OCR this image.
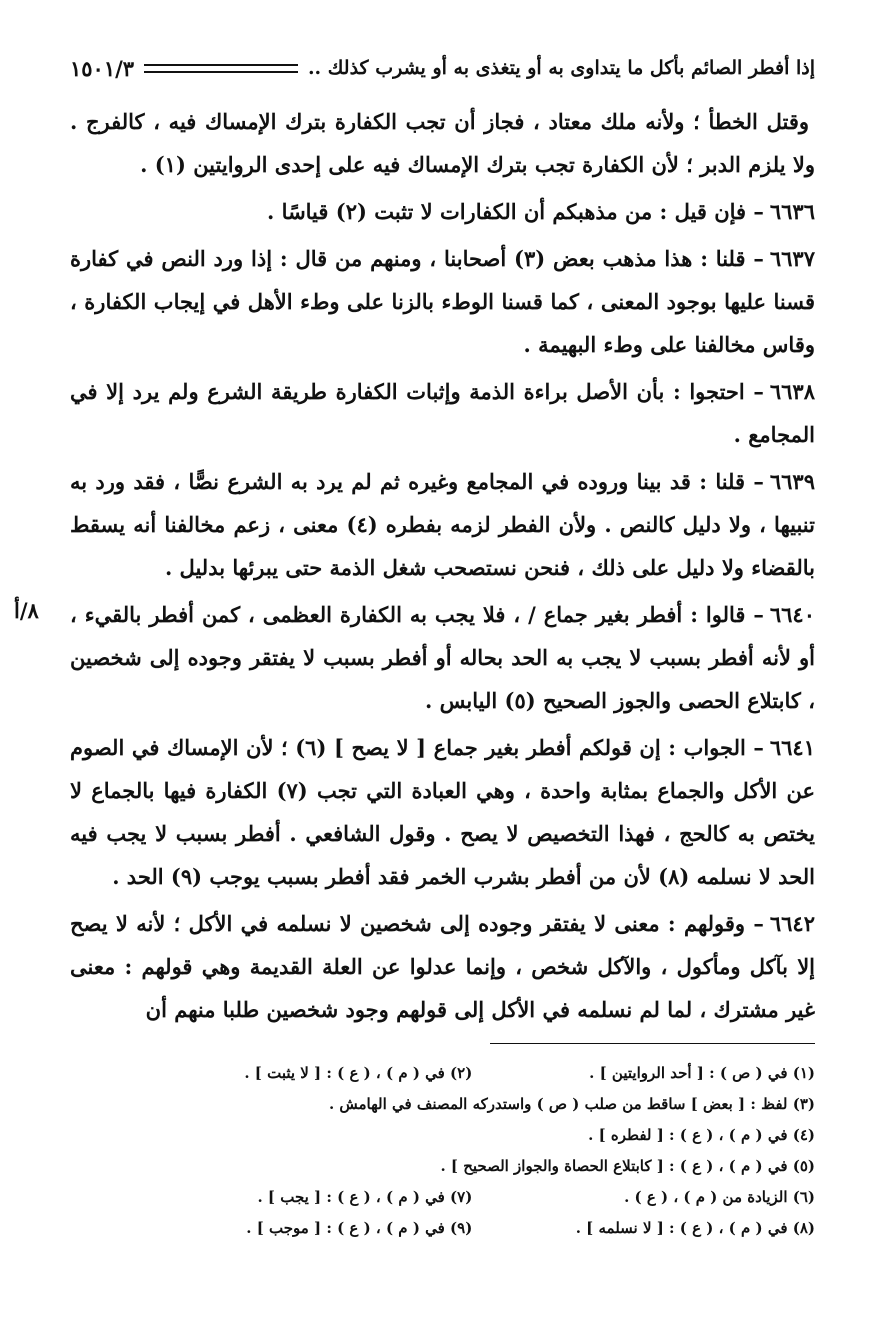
إذا أفطر الصائم بأكل ما يتداوى به أو يتغذى به أو يشرب كذلك ..
١٥٠١/٣
٨/أ

وقتل الخطأ ؛ ولأنه ملك معتاد ، فجاز أن تجب الكفارة بترك الإمساك فيه ، كالفرج . ولا يلزم الدبر ؛ لأن الكفارة تجب بترك الإمساك فيه على إحدى الروايتين (١) .

٦٦٣٦– فإن قيل : من مذهبكم أن الكفارات لا تثبت (٢) قياسًا .

٦٦٣٧– قلنا : هذا مذهب بعض (٣) أصحابنا ، ومنهم من قال : إذا ورد النص في كفارة قسنا عليها بوجود المعنى ، كما قسنا الوطء بالزنا على وطء الأهل في إيجاب الكفارة ، وقاس مخالفنا على وطء البهيمة .

٦٦٣٨– احتجوا : بأن الأصل براءة الذمة وإثبات الكفارة طريقة الشرع ولم يرد إلا في المجامع .

٦٦٣٩– قلنا : قد بينا وروده في المجامع وغيره ثم لم يرد به الشرع نصًّا ، فقد ورد به تنبيها ، ولا دليل كالنص . ولأن الفطر لزمه بفطره (٤) معنى ، زعم مخالفنا أنه يسقط بالقضاء ولا دليل على ذلك ، فنحن نستصحب شغل الذمة حتى يبرئها بدليل .

٦٦٤٠– قالوا : أفطر بغير جماع / ، فلا يجب به الكفارة العظمى ، كمن أفطر بالقيء ، أو لأنه أفطر بسبب لا يجب به الحد بحاله أو أفطر بسبب لا يفتقر وجوده إلى شخصين ، كابتلاع الحصى والجوز الصحيح (٥) اليابس .

٦٦٤١– الجواب : إن قولكم أفطر بغير جماع [ لا يصح ] (٦) ؛ لأن الإمساك في الصوم عن الأكل والجماع بمثابة واحدة ، وهي العبادة التي تجب (٧) الكفارة فيها بالجماع لا يختص به كالحج ، فهذا التخصيص لا يصح . وقول الشافعي . أفطر بسبب لا يجب فيه الحد لا نسلمه (٨) لأن من أفطر بشرب الخمر فقد أفطر بسبب يوجب (٩) الحد .

٦٦٤٢– وقولهم : معنى لا يفتقر وجوده إلى شخصين لا نسلمه في الأكل ؛ لأنه لا يصح إلا بآكل ومأكول ، والآكل شخص ، وإنما عدلوا عن العلة القديمة وهي قولهم : معنى غير مشترك ، لما لم نسلمه في الأكل إلى قولهم وجود شخصين طلبا منهم أن

(١) في ( ص ) : [ أحد الروايتين ] .
(٢) في ( م ) ، ( ع ) : [ لا يثبت ] .
(٣) لفظ : [ بعض ] ساقط من صلب ( ص ) واستدركه المصنف في الهامش .
(٤) في ( م ) ، ( ع ) : [ لفطره ] .
(٥) في ( م ) ، ( ع ) : [ كابتلاع الحصاة والجواز الصحيح ] .
(٦) الزيادة من ( م ) ، ( ع ) .
(٧) في ( م ) ، ( ع ) : [ يجب ] .
(٨) في ( م ) ، ( ع ) : [ لا نسلمه ] .
(٩) في ( م ) ، ( ع ) : [ موجب ] .
